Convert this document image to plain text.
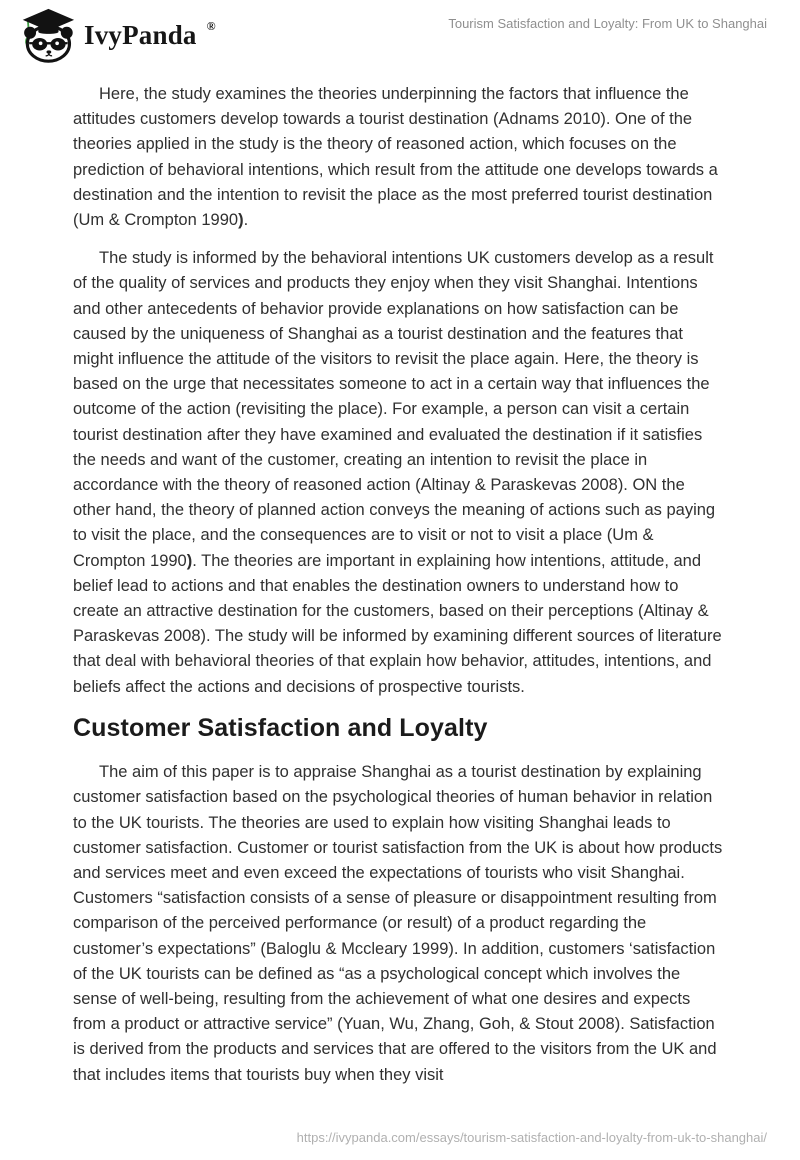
IvyPanda ®	Tourism Satisfaction and Loyalty: From UK to Shanghai

Here, the study examines the theories underpinning the factors that influence the attitudes customers develop towards a tourist destination (Adnams 2010). One of the theories applied in the study is the theory of reasoned action, which focuses on the prediction of behavioral intentions, which result from the attitude one develops towards a destination and the intention to revisit the place as the most preferred tourist destination (Um & Crompton 1990).

The study is informed by the behavioral intentions UK customers develop as a result of the quality of services and products they enjoy when they visit Shanghai. Intentions and other antecedents of behavior provide explanations on how satisfaction can be caused by the uniqueness of Shanghai as a tourist destination and the features that might influence the attitude of the visitors to revisit the place again. Here, the theory is based on the urge that necessitates someone to act in a certain way that influences the outcome of the action (revisiting the place). For example, a person can visit a certain tourist destination after they have examined and evaluated the destination if it satisfies the needs and want of the customer, creating an intention to revisit the place in accordance with the theory of reasoned action (Altinay & Paraskevas 2008). ON the other hand, the theory of planned action conveys the meaning of actions such as paying to visit the place, and the consequences are to visit or not to visit a place (Um & Crompton 1990). The theories are important in explaining how intentions, attitude, and belief lead to actions and that enables the destination owners to understand how to create an attractive destination for the customers, based on their perceptions (Altinay & Paraskevas 2008). The study will be informed by examining different sources of literature that deal with behavioral theories of that explain how behavior, attitudes, intentions, and beliefs affect the actions and decisions of prospective tourists.

Customer Satisfaction and Loyalty

The aim of this paper is to appraise Shanghai as a tourist destination by explaining customer satisfaction based on the psychological theories of human behavior in relation to the UK tourists. The theories are used to explain how visiting Shanghai leads to customer satisfaction. Customer or tourist satisfaction from the UK is about how products and services meet and even exceed the expectations of tourists who visit Shanghai. Customers “satisfaction consists of a sense of pleasure or disappointment resulting from comparison of the perceived performance (or result) of a product regarding the customer’s expectations” (Baloglu & Mccleary 1999). In addition, customers ‘satisfaction of the UK tourists can be defined as “as a psychological concept which involves the sense of well-being, resulting from the achievement of what one desires and expects from a product or attractive service” (Yuan, Wu, Zhang, Goh, & Stout 2008). Satisfaction is derived from the products and services that are offered to the visitors from the UK and that includes items that tourists buy when they visit

https://ivypanda.com/essays/tourism-satisfaction-and-loyalty-from-uk-to-shanghai/
